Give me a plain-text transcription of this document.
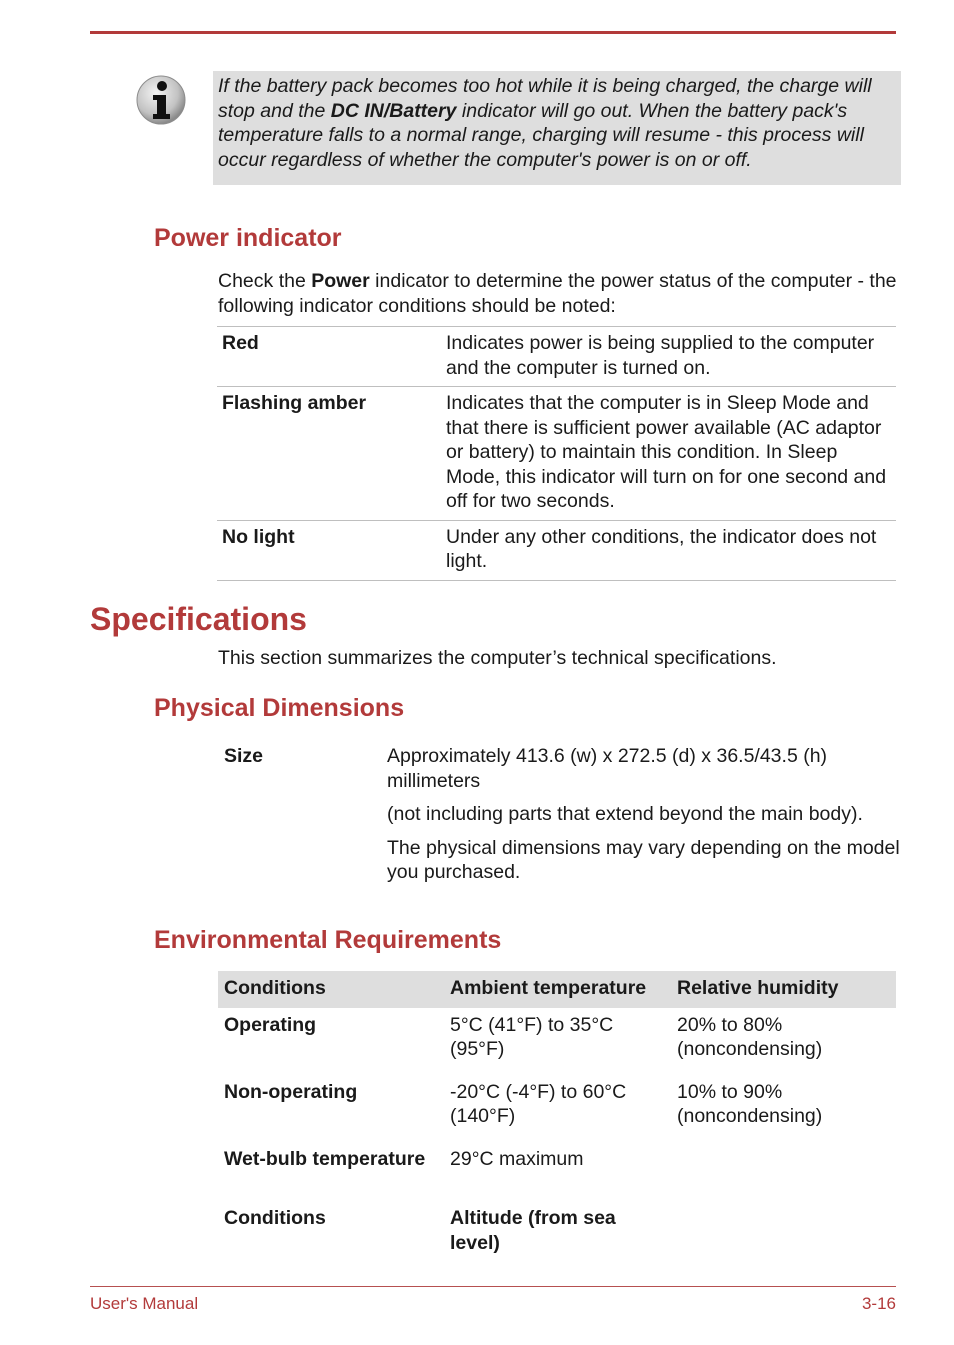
If the battery pack becomes too hot while it is being charged, the charge will stop and the DC IN/Battery indicator will go out. When the battery pack's temperature falls to a normal range, charging will resume - this process will occur regardless of whether the computer's power is on or off.
Power indicator

Check the Power indicator to determine the power status of the computer - the following indicator conditions should be noted:

Red	Indicates power is being supplied to the computer and the computer is turned on.
Flashing amber	Indicates that the computer is in Sleep Mode and that there is sufficient power available (AC adaptor or battery) to maintain this condition. In Sleep Mode, this indicator will turn on for one second and off for two seconds.
No light	Under any other conditions, the indicator does not light.
Specifications

This section summarizes the computer’s technical specifications.

Physical Dimensions
Size	Approximately 413.6 (w) x 272.5 (d) x 36.5/43.5 (h) millimeters

(not including parts that extend beyond the main body).

The physical dimensions may vary depending on the model you purchased.

Environmental Requirements
Conditions	Ambient temperature	Relative humidity
Operating	5°C (41°F) to 35°C (95°F)	20% to 80% (noncondensing)
Non-operating	-20°C (-4°F) to 60°C (140°F)	10% to 90% (noncondensing)
Wet-bulb temperature	29°C maximum	
Conditions	Altitude (from sea level)	
User's Manual	3-16
